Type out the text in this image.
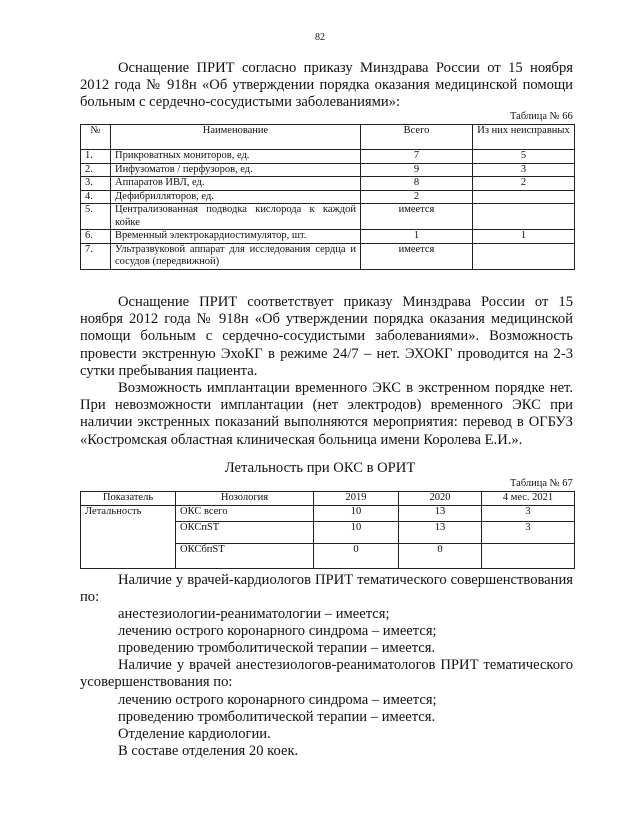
82
Оснащение ПРИТ согласно приказу Минздрава России от 15 ноября 2012 года № 918н «Об утверждении порядка оказания медицинской помощи больным с сердечно-сосудистыми заболеваниями»:
Таблица № 66
№	Наименование	Всего	Из них неисправных
1.	Прикроватных мониторов, ед.	7	5
2.	Инфузоматов / перфузоров, ед.	9	3
3.	Аппаратов ИВЛ, ед.	8	2
4.	Дефибрилляторов, ед.	2	
5.	Централизованная подводка кислорода к каждой койке	имеется	
6.	Временный электрокардиостимулятор, шт.	1	1
7.	Ультразвуковой аппарат для исследования сердца и сосудов (передвижной)	имеется	
Оснащение ПРИТ соответствует приказу Минздрава России от 15 ноября 2012 года № 918н «Об утверждении порядка оказания медицинской помощи больным с сердечно-сосудистыми заболеваниями». Возможность провести экстренную ЭхоКГ в режиме 24/7 – нет. ЭХОКГ проводится на 2-3 сутки пребывания пациента.
Возможность имплантации временного ЭКС в экстренном порядке нет. При невозможности имплантации (нет электродов) временного ЭКС при наличии экстренных показаний выполняются мероприятия: перевод в ОГБУЗ «Костромская областная клиническая больница имени Королева Е.И.».
Летальность при ОКС в ОРИТ
Таблица № 67
Показатель	Нозология	2019	2020	4 мес. 2021
Летальность	ОКС всего	10	13	3
	ОКСпST	10	13	3
	ОКСбпST	0	0	
Наличие у врачей-кардиологов ПРИТ тематического совершенствования по:
анестезиологии-реаниматологии – имеется;
лечению острого коронарного синдрома – имеется;
проведению тромболитической терапии – имеется.
Наличие у врачей анестезиологов-реаниматологов ПРИТ тематического усовершенствования по:
лечению острого коронарного синдрома – имеется;
проведению тромболитической терапии – имеется.
Отделение кардиологии.
В составе отделения 20 коек.
